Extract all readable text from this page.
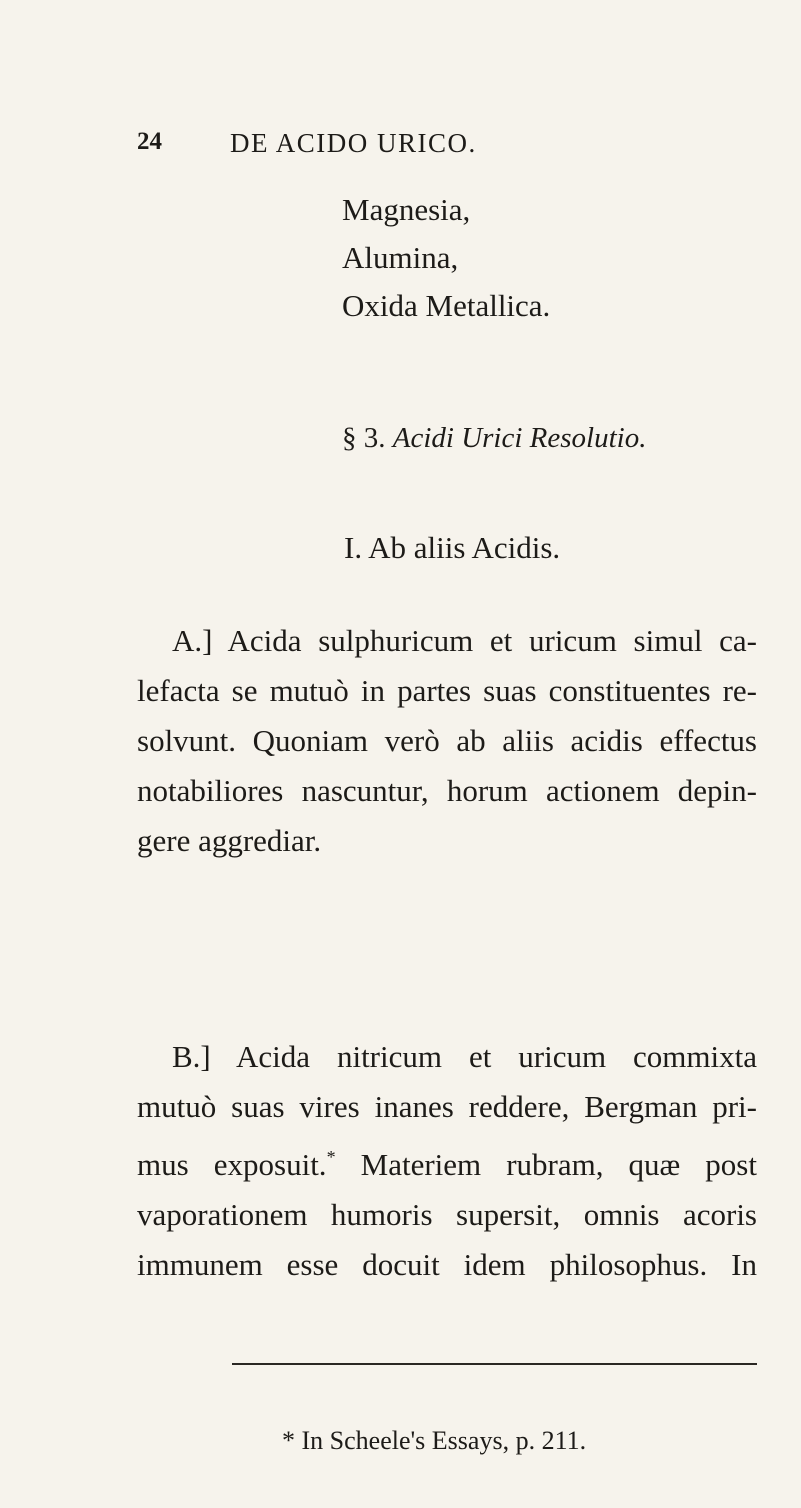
24	DE ACIDO URICO.
Magnesia,
Alumina,
Oxida Metallica.
§ 3. Acidi Urici Resolutio.
I. Ab aliis Acidis.
A.] Acida sulphuricum et uricum simul ca-
lefacta se mutuò in partes suas constituentes re-
solvunt. Quoniam verò ab aliis acidis effectus
notabiliores nascuntur, horum actionem depin-
gere aggrediar.
B.] Acida nitricum et uricum commixta
mutuò suas vires inanes reddere, Bergman pri-
mus exposuit.* Materiem rubram, quæ post
vaporationem humoris supersit, omnis acoris
immunem esse docuit idem philosophus. In
* In Scheele's Essays, p. 211.
